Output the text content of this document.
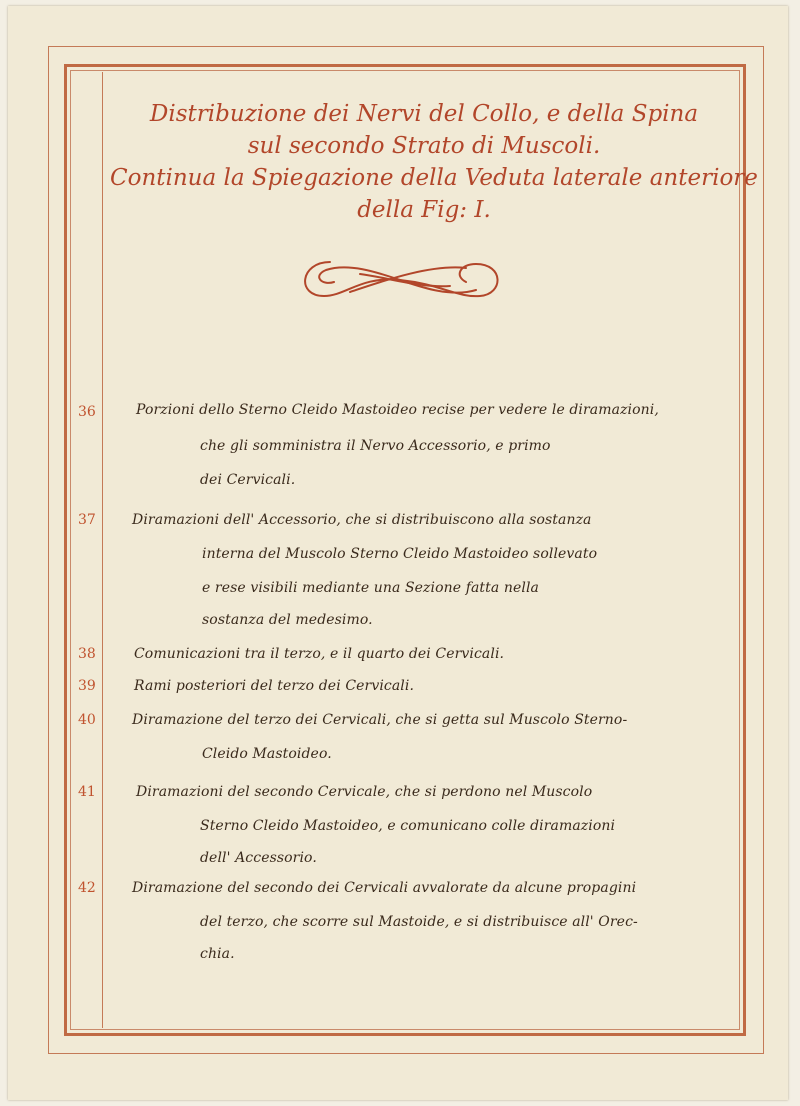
Distribuzione dei Nervi del Collo, e della Spina
sul secondo Strato di Muscoli.
Continua la Spiegazione della Veduta laterale anteriore
della Fig: I.
36	Porzioni dello Sterno Cleido Mastoideo recise per vedere le diramazioni,
che gli somministra il Nervo Accessorio, e primo
dei Cervicali.
37	Diramazioni dell' Accessorio, che si distribuiscono alla sostanza
interna del Muscolo Sterno Cleido Mastoideo sollevato
e rese visibili mediante una Sezione fatta nella
sostanza del medesimo.
38	Comunicazioni tra il terzo, e il quarto dei Cervicali.
39	Rami posteriori del terzo dei Cervicali.
40	Diramazione del terzo dei Cervicali, che si getta sul Muscolo Sterno-
Cleido Mastoideo.
41	Diramazioni del secondo Cervicale, che si perdono nel Muscolo
Sterno Cleido Mastoideo, e comunicano colle diramazioni
dell' Accessorio.
42	Diramazione del secondo dei Cervicali avvalorate da alcune propagini
del terzo, che scorre sul Mastoide, e si distribuisce all' Orec-
chia.
